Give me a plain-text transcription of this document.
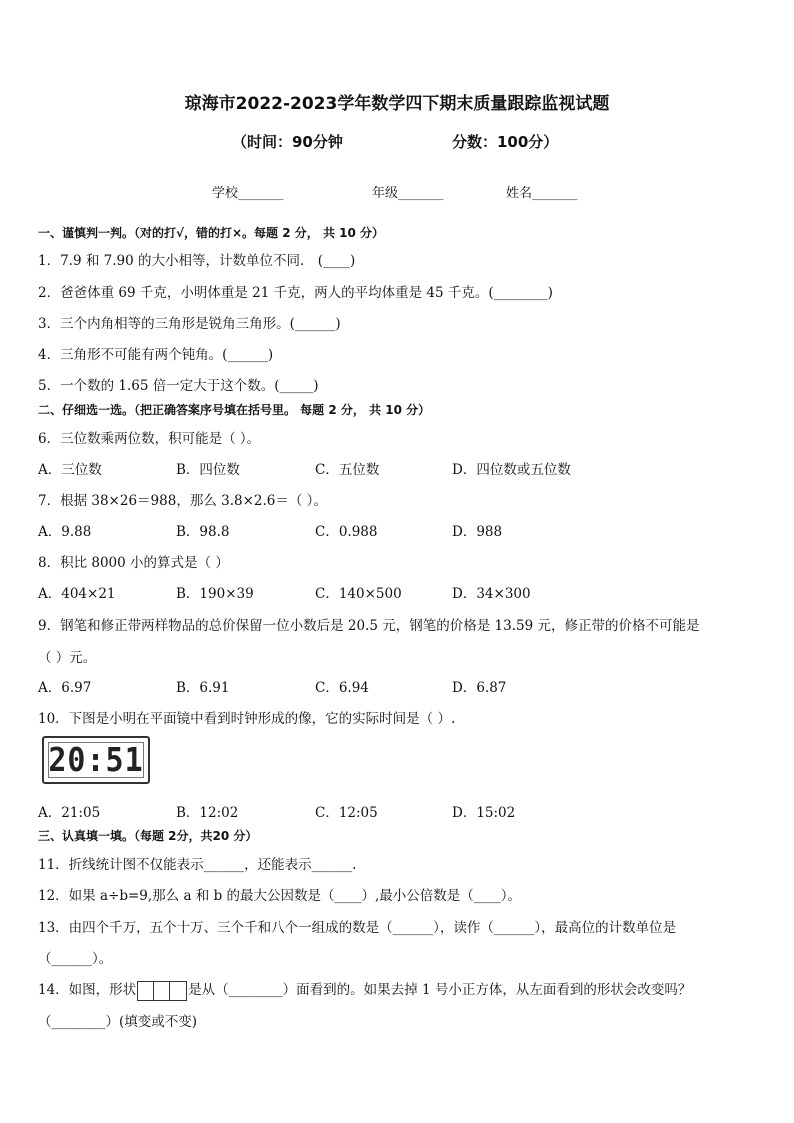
琼海市2022-2023学年数学四下期末质量跟踪监视试题
（时间：90分钟	分数：100分）
学校_______	年级_______	姓名_______
一、谨慎判一判。（对的打√，错的打×。每题 2 分， 共 10 分）
1．7.9 和 7.90 的大小相等，计数单位不同． (____)
2．爸爸体重 69 千克，小明体重是 21 千克，两人的平均体重是 45 千克。(________)
3．三个内角相等的三角形是锐角三角形。(______)
4．三角形不可能有两个钝角。(______)
5．一个数的 1.65 倍一定大于这个数。(_____)
二、仔细选一选。（把正确答案序号填在括号里。 每题 2 分， 共 10 分）
6．三位数乘两位数，积可能是（ ）。
A．三位数	B．四位数	C．五位数	D．四位数或五位数
7．根据 38×26＝988，那么 3.8×2.6＝（ ）。
A．9.88	B．98.8	C．0.988	D．988
8．积比 8000 小的算式是（ ）
A．404×21	B．190×39	C．140×500	D．34×300
9．钢笔和修正带两样物品的总价保留一位小数后是 20.5 元，钢笔的价格是 13.59 元，修正带的价格不可能是
（ ）元。
A．6.97	B．6.91	C．6.94	D．6.87
10．下图是小明在平面镜中看到时钟形成的像，它的实际时间是（ ）.
20:51
A．21:05	B．12:02	C．12:05	D．15:02
三、认真填一填。（每题 2分，共20 分）
11．折线统计图不仅能表示______，还能表示______.
12．如果 a÷b=9,那么 a 和 b 的最大公因数是（____）,最小公倍数是（____）。
13．由四个千万，五个十万、三个千和八个一组成的数是（______），读作（______），最高位的计数单位是
（______）。
14．如图，形状	是从（________）面看到的。如果去掉 1 号小正方体，从左面看到的形状会改变吗？
（________）(填变或不变)
